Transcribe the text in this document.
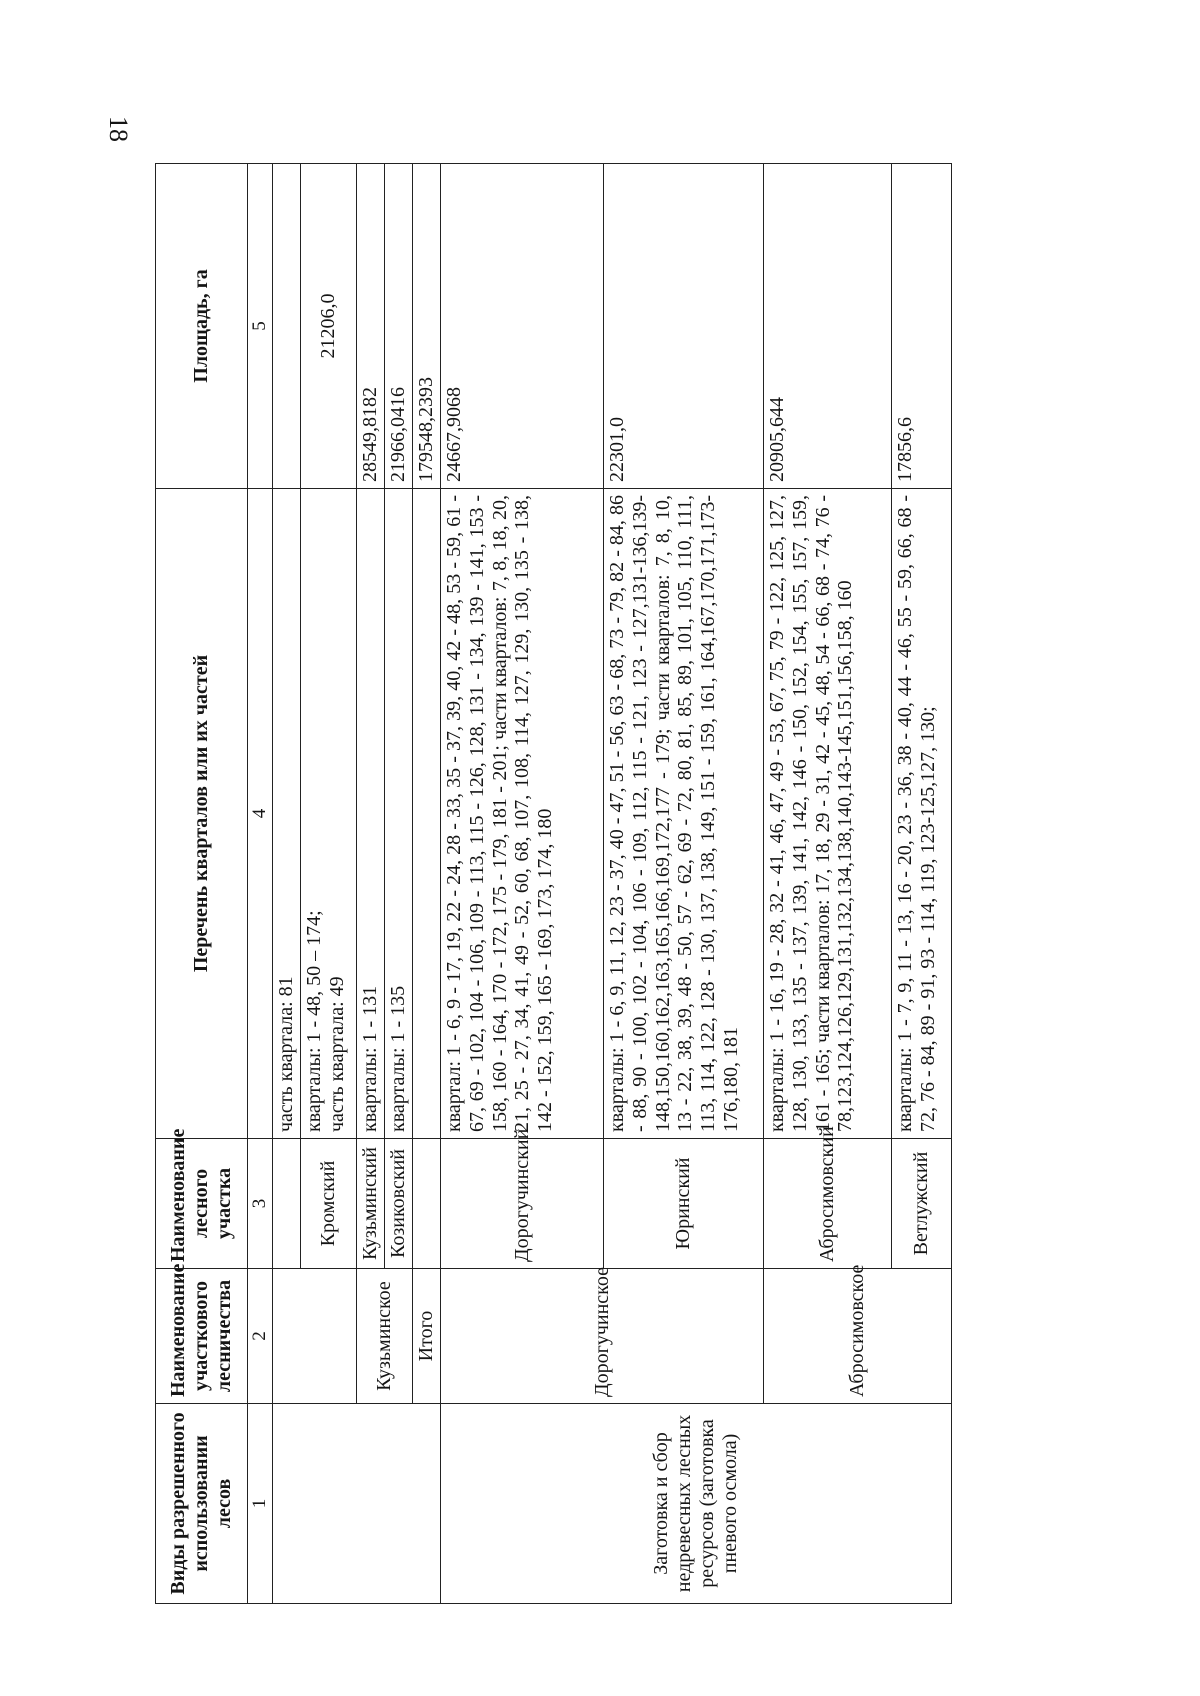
18
Виды разрешенного использовании лесов	Наименование участкового лесничества	Наименование лесного участка	Перечень кварталов или их частей	Площадь, га
1	2	3	4	5
			часть квартала: 81	
		Кромский	кварталы: 1 - 48, 50 – 174; часть квартала: 49	21206,0
	Кузьминское	Кузьминский	кварталы: 1 - 131	28549,8182
		Козиковский	кварталы: 1 - 135	21966,0416
	Итого			179548,2393
Заготовка и сбор недревесных лесных ресурсов (заготовка пневого осмола)	Дорогучинское	Дорогучинский	квартал: 1 - 6, 9 - 17, 19, 22 - 24, 28 - 33, 35 - 37, 39, 40, 42 - 48, 53 - 59, 61 - 67, 69 - 102, 104 - 106, 109 - 113, 115 - 126, 128, 131 - 134, 139 - 141, 153 - 158, 160 - 164, 170 - 172, 175 - 179, 181 - 201; части кварталов: 7, 8, 18, 20, 21, 25 - 27, 34, 41, 49 - 52, 60, 68, 107, 108, 114, 127, 129, 130, 135 - 138, 142 - 152, 159, 165 - 169, 173, 174, 180	24667,9068
		Юринский	кварталы: 1 - 6, 9, 11, 12, 23 - 37, 40 - 47, 51 - 56, 63 - 68, 73 - 79, 82 - 84, 86 - 88, 90 - 100, 102 - 104, 106 - 109, 112, 115 - 121, 123 - 127,131-136,139-148,150,160,162,163,165,166,169,172,177 - 179; части кварталов: 7, 8, 10, 13 - 22, 38, 39, 48 - 50, 57 - 62, 69 - 72, 80, 81, 85, 89, 101, 105, 110, 111, 113, 114, 122, 128 - 130, 137, 138, 149, 151 - 159, 161, 164,167,170,171,173-176,180, 181	22301,0
	Абросимовское	Абросимовский	кварталы: 1 - 16, 19 - 28, 32 - 41, 46, 47, 49 - 53, 67, 75, 79 - 122, 125, 127, 128, 130, 133, 135 - 137, 139, 141, 142, 146 - 150, 152, 154, 155, 157, 159, 161 - 165; части кварталов: 17, 18, 29 - 31, 42 - 45, 48, 54 - 66, 68 - 74, 76 - 78,123,124,126,129,131,132,134,138,140,143-145,151,156,158, 160	20905,644
		Ветлужский	кварталы: 1 - 7, 9, 11 - 13, 16 - 20, 23 - 36, 38 - 40, 44 - 46, 55 - 59, 66, 68 - 72, 76 - 84, 89 - 91, 93 - 114, 119, 123-125,127, 130;	17856,6
